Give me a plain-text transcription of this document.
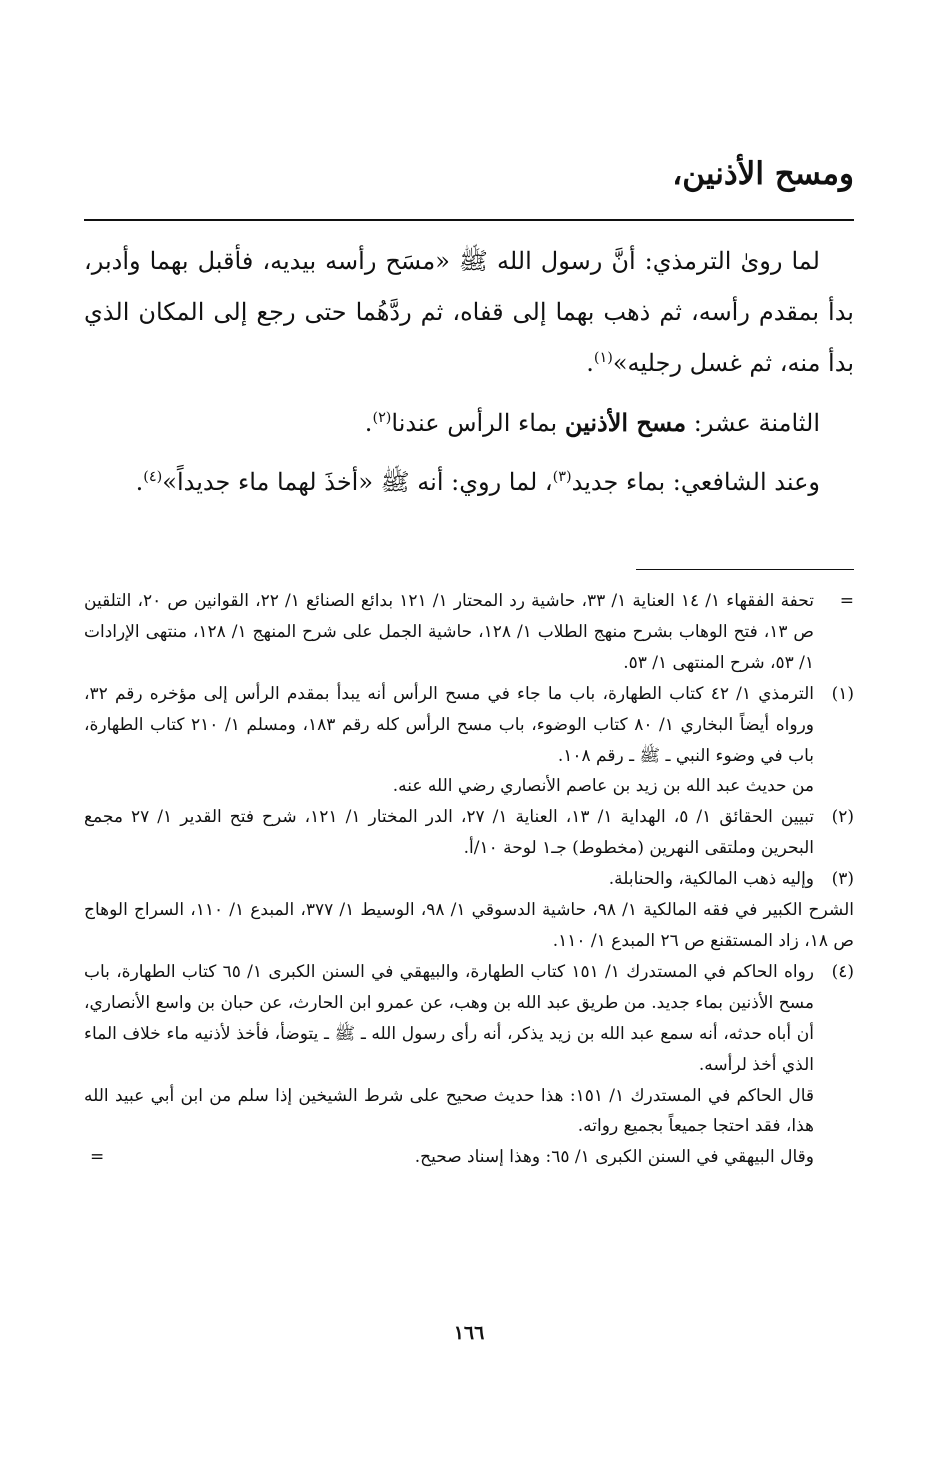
ومسح الأذنين،

لما رویٰ الترمذي: أنَّ رسول الله ﷺ «مسَح رأسه بيديه، فأقبل بهما وأدبر، بدأ بمقدم رأسه، ثم ذهب بهما إلى قفاه، ثم ردَّهُما حتى رجع إلى المكان الذي بدأ منه، ثم غسل رجليه»$^{(١)}$.

الثامنة عشر: مسح الأذنين بماء الرأس عندنا$^{(٢)}$.

وعند الشافعي: بماء جديد$^{(٣)}$، لما روي: أنه ﷺ «أخذَ لهما ماء جديداً»$^{(٤)}$.

=

تحفة الفقهاء ١/ ١٤ العناية ١/ ٣٣، حاشية رد المحتار ١/ ١٢١ بدائع الصنائع ١/ ٢٢، القوانين ص ٢٠، التلقين ص ١٣، فتح الوهاب بشرح منهج الطلاب ١/ ١٢٨، حاشية الجمل على شرح المنهج ١/ ١٢٨، منتهى الإرادات ١/ ٥٣، شرح المنتهى ١/ ٥٣.

(١)

الترمذي ١/ ٤٢ كتاب الطهارة، باب ما جاء في مسح الرأس أنه يبدأ بمقدم الرأس إلى مؤخره رقم ٣٢، ورواه أيضاً البخاري ١/ ٨٠ كتاب الوضوء، باب مسح الرأس كله رقم ١٨٣، ومسلم ١/ ٢١٠ كتاب الطهارة، باب في وضوء النبي ـ ﷺ ـ رقم ١٠٨.

من حديث عبد الله بن زيد بن عاصم الأنصاري رضي الله عنه.

(٢)

تبيين الحقائق ١/ ٥، الهداية ١/ ١٣، العناية ١/ ٢٧، الدر المختار ١/ ١٢١، شرح فتح القدير ١/ ٢٧ مجمع البحرين وملتقى النهرين (مخطوط) جـ١ لوحة ١٠/أ.

(٣)

وإليه ذهب المالكية، والحنابلة.

الشرح الكبير في فقه المالكية ١/ ٩٨، حاشية الدسوقي ١/ ٩٨، الوسيط ١/ ٣٧٧، المبدع ١/ ١١٠، السراج الوهاج ص ١٨، زاد المستقنع ص ٢٦ المبدع ١/ ١١٠.

(٤)

رواه الحاكم في المستدرك ١/ ١٥١ كتاب الطهارة، والبيهقي في السنن الكبرى ١/ ٦٥ كتاب الطهارة، باب مسح الأذنين بماء جديد. من طريق عبد الله بن وهب، عن عمرو ابن الحارث، عن حبان بن واسع الأنصاري، أن أباه حدثه، أنه سمع عبد الله بن زيد يذكر، أنه رأى رسول الله ـ ﷺ ـ يتوضأ، فأخذ لأذنيه ماء خلاف الماء الذي أخذ لرأسه.

قال الحاكم في المستدرك ١/ ١٥١: هذا حديث صحيح على شرط الشيخين إذا سلم من ابن أبي عبيد الله هذا، فقد احتجا جميعاً بجميع رواته.

وقال البيهقي في السنن الكبرى ١/ ٦٥: وهذا إسناد صحيح.
=

١٦٦
